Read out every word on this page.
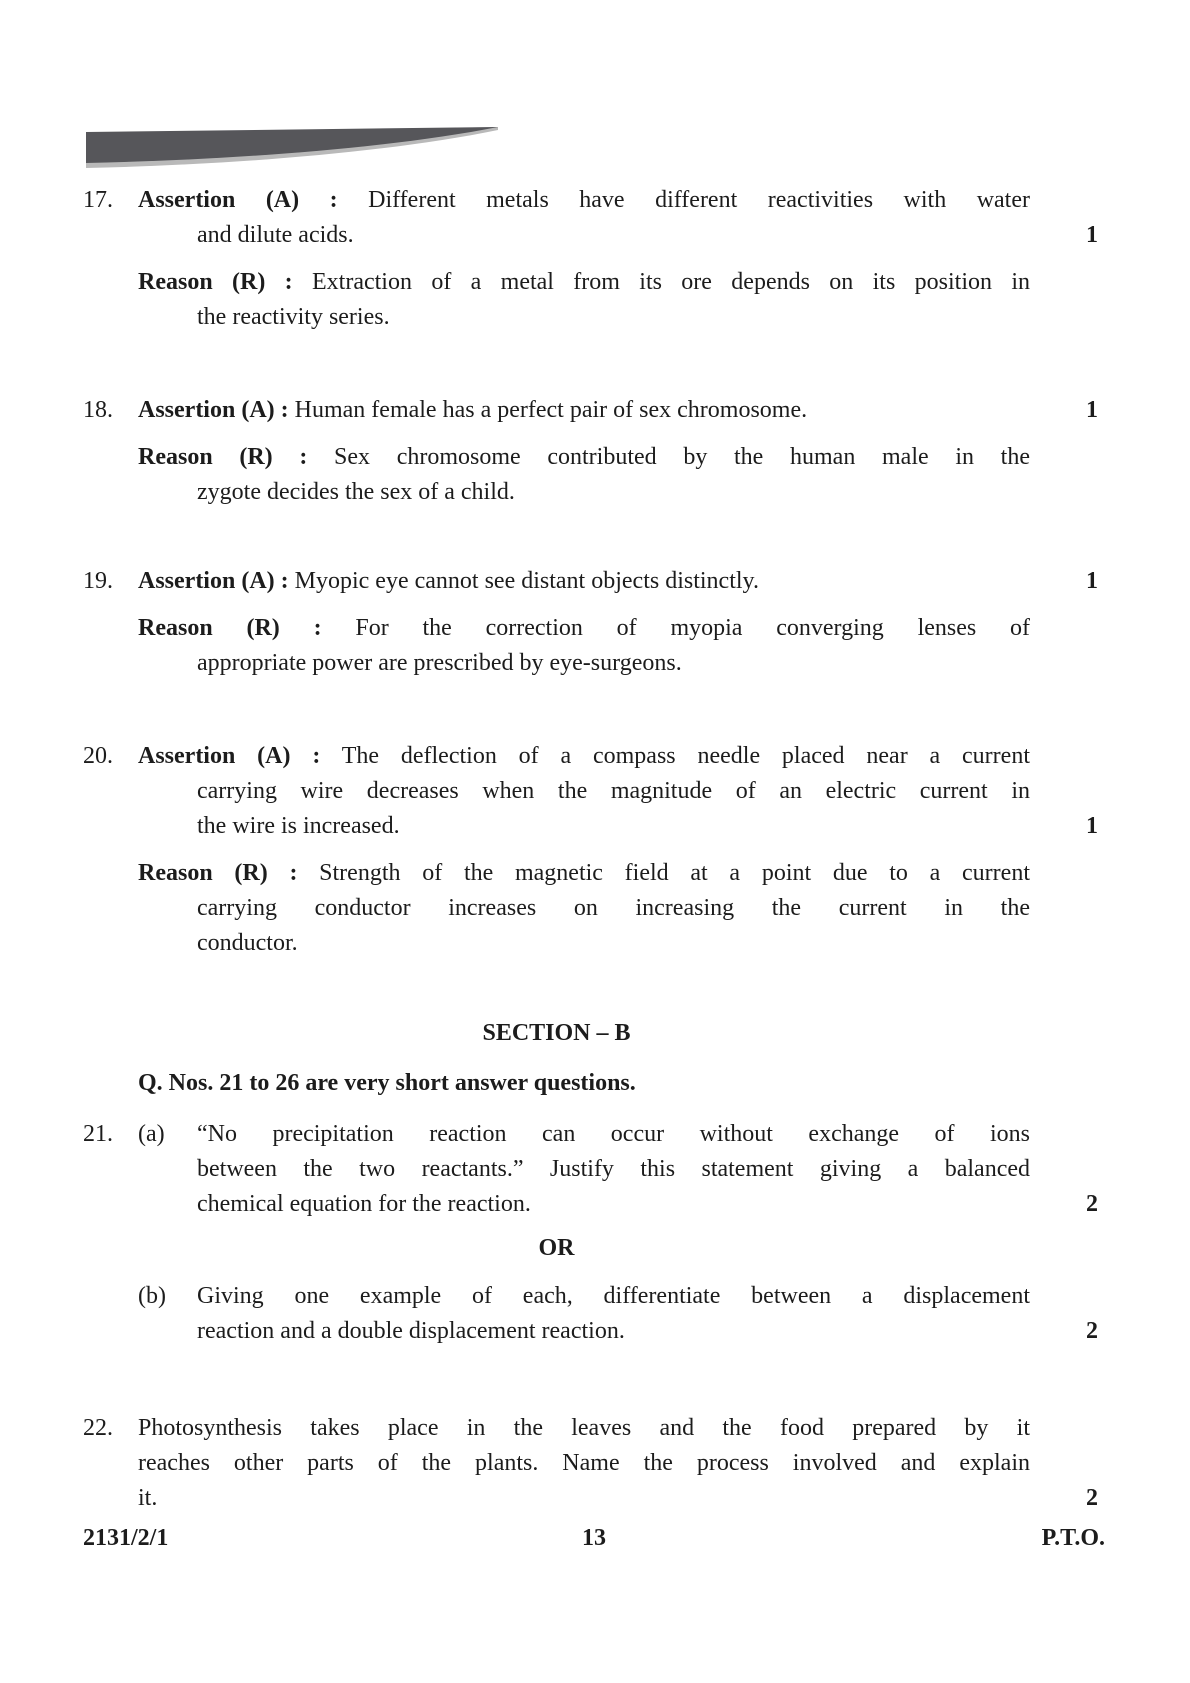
17.	Assertion (A) : Different metals have different reactivities with water
and dilute acids.	1
Reason (R) : Extraction of a metal from its ore depends on its position in
the reactivity series.
18.	Assertion (A) : Human female has a perfect pair of sex chromosome.	1
Reason (R) : Sex chromosome contributed by the human male in the
zygote decides the sex of a child.
19.	Assertion (A) : Myopic eye cannot see distant objects distinctly.	1
Reason (R) : For the correction of myopia converging lenses of
appropriate power are prescribed by eye-surgeons.
20.	Assertion (A) : The deflection of a compass needle placed near a current
carrying wire decreases when the magnitude of an electric current in
the wire is increased.	1
Reason (R) : Strength of the magnetic field at a point due to a current
carrying conductor increases on increasing the current in the
conductor.
SECTION – B
Q. Nos. 21 to 26 are very short answer questions.
21.	(a)	“No precipitation reaction can occur without exchange of ions
between the two reactants.” Justify this statement giving a balanced
chemical equation for the reaction.	2
OR
(b)	Giving one example of each, differentiate between a displacement
reaction and a double displacement reaction.	2
22.	Photosynthesis takes place in the leaves and the food prepared by it
reaches other parts of the plants. Name the process involved and explain
it.	2
2131/2/1	13	P.T.O.
